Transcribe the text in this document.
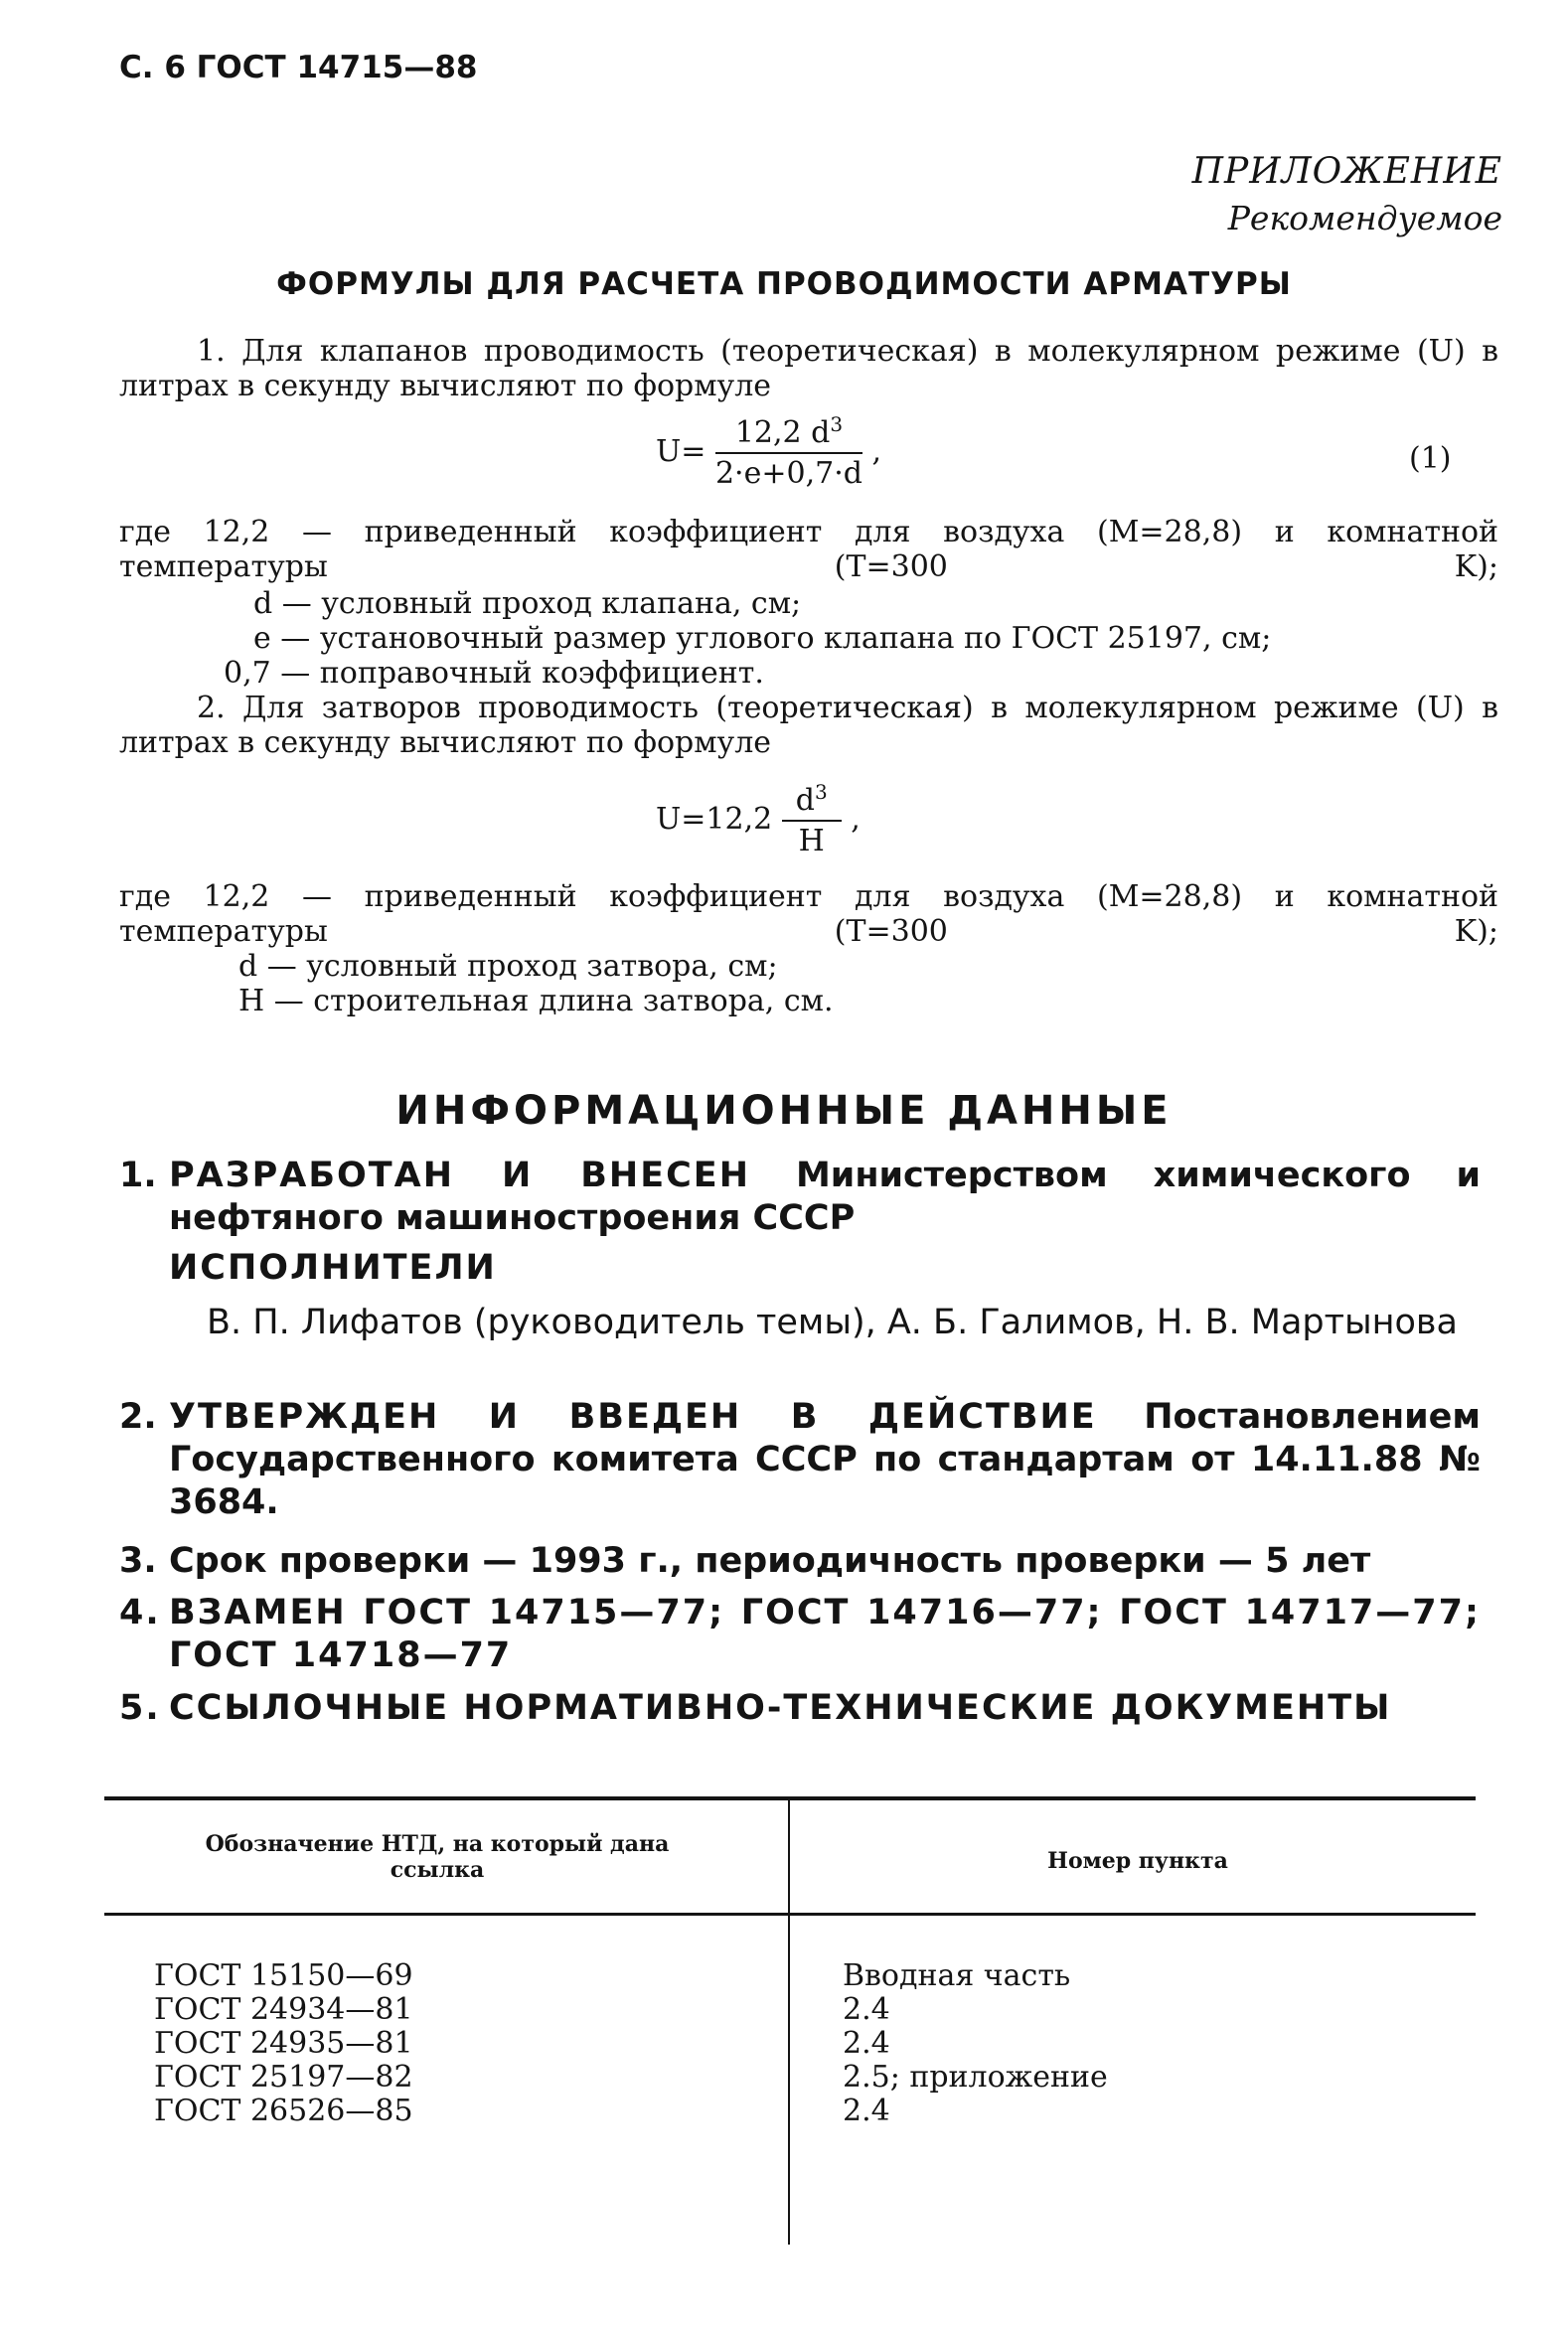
С. 6 ГОСТ 14715—88
ПРИЛОЖЕНИЕ
Рекомендуемое
ФОРМУЛЫ ДЛЯ РАСЧЕТА ПРОВОДИМОСТИ АРМАТУРЫ
1. Для клапанов проводимость (теоретическая) в молекулярном режиме (U) в литрах в секунду вычисляют по формуле
$U= \frac{12,2 d^3}{2\cdot e+0,7\cdot d}$ ,	(1)
где 12,2 — приведенный коэффициент для воздуха (M=28,8) и комнатной температуры (T=300 K);
d — условный проход клапана, см;
e — установочный размер углового клапана по ГОСТ 25197, см;
0,7 — поправочный коэффициент.
2. Для затворов проводимость (теоретическая) в молекулярном режиме (U) в литрах в секунду вычисляют по формуле
$U=12,2 \frac{d^3}{H}$ ,
где 12,2 — приведенный коэффициент для воздуха (M=28,8) и комнатной температуры (T=300 K);
d — условный проход затвора, см;
H — строительная длина затвора, см.
ИНФОРМАЦИОННЫЕ ДАННЫЕ
1. РАЗРАБОТАН И ВНЕСЕН Министерством химического и нефтяного машиностроения СССР
ИСПОЛНИТЕЛИ
В. П. Лифатов (руководитель темы), А. Б. Галимов, Н. В. Мартынова
2. УТВЕРЖДЕН И ВВЕДЕН В ДЕЙСТВИЕ Постановлением Государственного комитета СССР по стандартам от 14.11.88 № 3684.
3. Срок проверки — 1993 г., периодичность проверки — 5 лет
4. ВЗАМЕН ГОСТ 14715—77; ГОСТ 14716—77; ГОСТ 14717—77; ГОСТ 14718—77
5. ССЫЛОЧНЫЕ НОРМАТИВНО-ТЕХНИЧЕСКИЕ ДОКУМЕНТЫ
Обозначение НТД, на который дана ссылка	Номер пункта
ГОСТ 15150—69
ГОСТ 24934—81
ГОСТ 24935—81
ГОСТ 25197—82
ГОСТ 26526—85
Вводная часть
2.4
2.4
2.5; приложение
2.4
